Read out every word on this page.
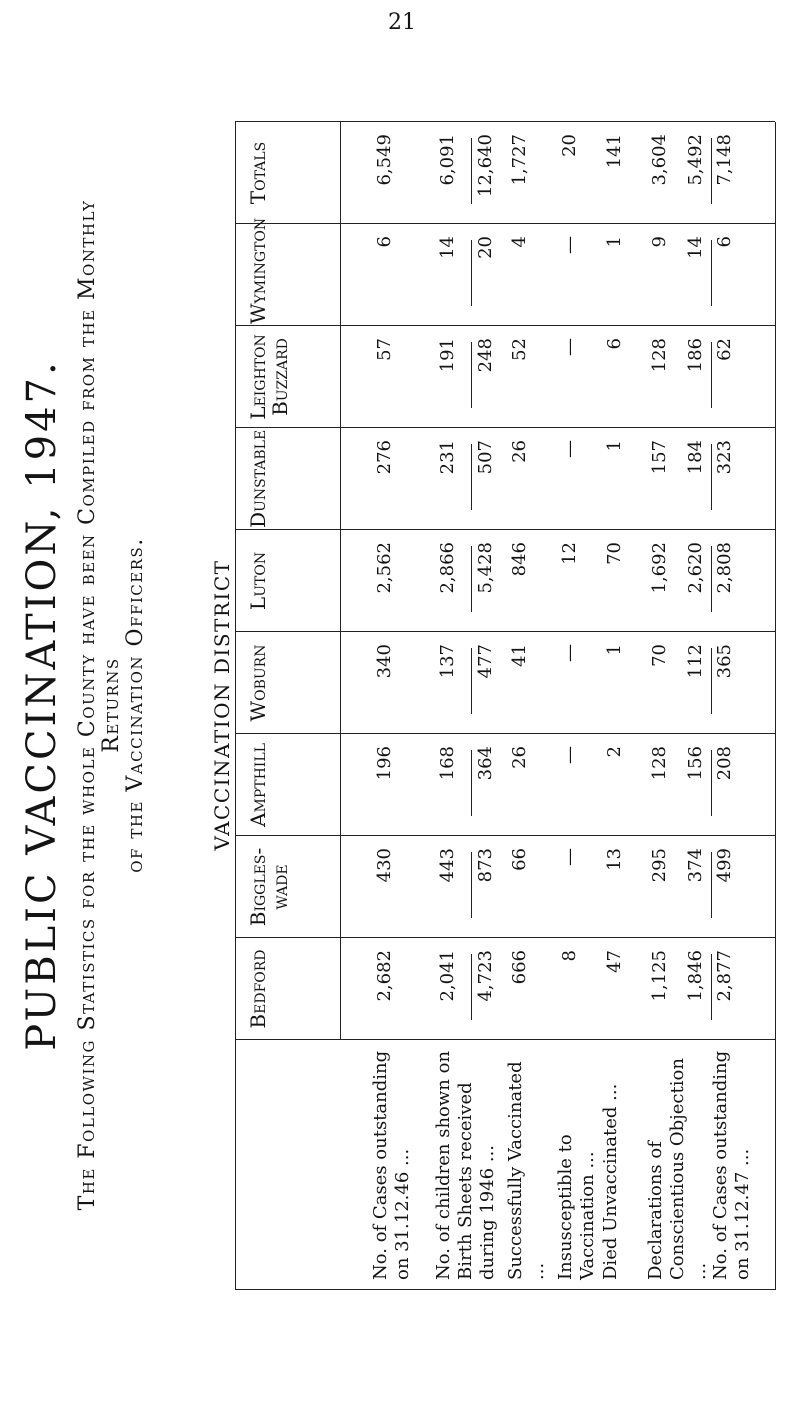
21
PUBLIC VACCINATION, 1947. The Following Statistics for the whole County have been Compiled from the Monthly Returns
of the Vaccination Officers.	VACCINATION DISTRICT
Bedford
Biggles-wade
Ampthill
Woburn
Luton
Dunstable
Leighton Buzzard
Wymington
Totals
No. of Cases outstanding on 31.12.46 ...
2,682
430
196
340
2,562
276
57
6
6,549
No. of children shown on Birth Sheets received during 1946 ...
2,041
443
168
137
2,866
231
191
14
6,091
Successfully Vaccinated ...
666
66
26
41
846
26
52
4
1,727
Insusceptible to Vaccination ...
8
—
—
—
12
—
—
—
20
Died Unvaccinated ...
47
13
2
1
70
1
6
1
141
Declarations of Conscientious Objection ...
1,125
295
128
70
1,692
157
128
9
3,604
No. of Cases outstanding on 31.12.47 ...
2,877
499
208
365
2,808
323
62
6
7,148
4,723
873
364
477
5,428
507
248
20
12,640
1,846
374
156
112
2,620
184
186
14
5,492
